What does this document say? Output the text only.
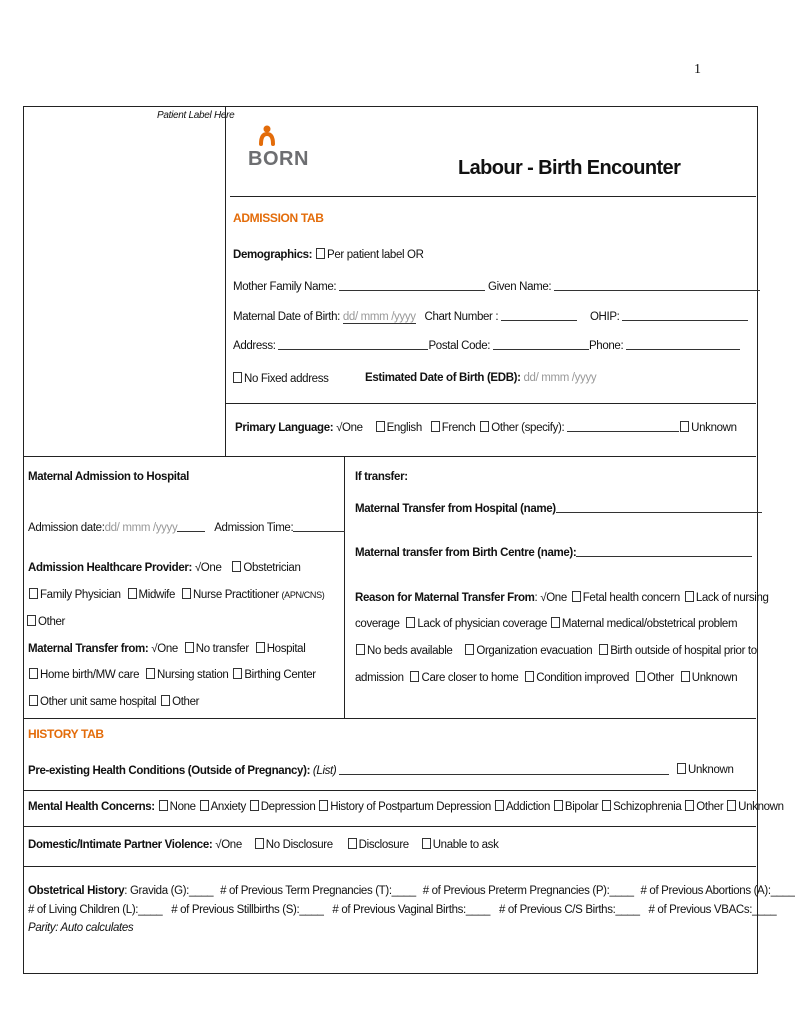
1
Patient Label Here
BORN	Labour - Birth Encounter
ADMISSION TAB
Demographics: Per patient label OR
Mother Family Name:	Given Name:
Maternal Date of Birth: dd/ mmm /yyyy Chart Number :	OHIP:
Address:	Postal Code:	Phone:
No Fixed address	Estimated Date of Birth (EDB): dd/ mmm /yyyy
Primary Language: √One English French Other (specify):	Unknown
Maternal Admission to Hospital
Admission date:dd/ mmm /yyyy	Admission Time:
Admission Healthcare Provider: √One Obstetrician
Family Physician Midwife Nurse Practitioner (APN/CNS)
Other
Maternal Transfer from: √One No transfer Hospital
Home birth/MW care Nursing station Birthing Center
Other unit same hospital Other
If transfer:
Maternal Transfer from Hospital (name)
Maternal transfer from Birth Centre (name):
Reason for Maternal Transfer From: √One Fetal health concern Lack of nursing
coverage Lack of physician coverage Maternal medical/obstetrical problem
No beds available Organization evacuation Birth outside of hospital prior to
admission Care closer to home Condition improved Other Unknown
HISTORY TAB
Pre-existing Health Conditions (Outside of Pregnancy): (List)	Unknown
Mental Health Concerns: None Anxiety Depression History of Postpartum Depression Addiction Bipolar Schizophrenia Other Unknown
Domestic/Intimate Partner Violence: √One No Disclosure Disclosure Unable to ask
Obstetrical History: Gravida (G):____ # of Previous Term Pregnancies (T):____ # of Previous Preterm Pregnancies (P):____ # of Previous Abortions (A):____
# of Living Children (L):____ # of Previous Stillbirths (S):____ # of Previous Vaginal Births:____ # of Previous C/S Births:____ # of Previous VBACs:____
Parity: Auto calculates
